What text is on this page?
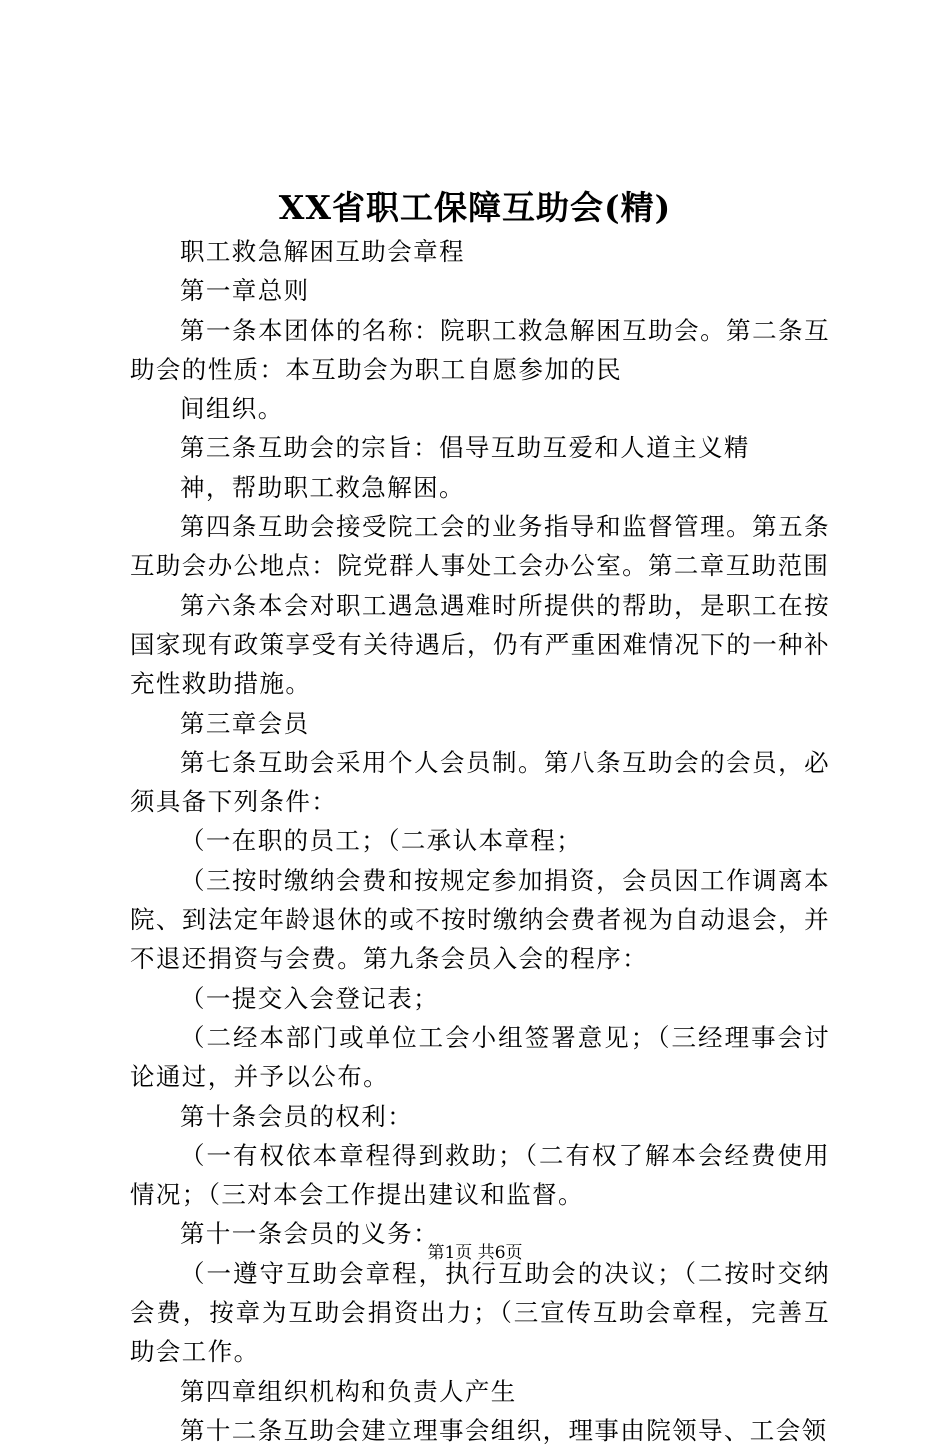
XX省职工保障互助会(精)

职工救急解困互助会章程

第一章总则

第一条本团体的名称：院职工救急解困互助会。第二条互助会的性质：本互助会为职工自愿参加的民

间组织。

第三条互助会的宗旨：倡导互助互爱和人道主义精

神，帮助职工救急解困。

第四条互助会接受院工会的业务指导和监督管理。第五条互助会办公地点：院党群人事处工会办公室。第二章互助范围

第六条本会对职工遇急遇难时所提供的帮助，是职工在按国家现有政策享受有关待遇后，仍有严重困难情况下的一种补充性救助措施。

第三章会员

第七条互助会采用个人会员制。第八条互助会的会员，必须具备下列条件：

（一在职的员工；（二承认本章程；

（三按时缴纳会费和按规定参加捐资，会员因工作调离本院、到法定年龄退休的或不按时缴纳会费者视为自动退会，并不退还捐资与会费。第九条会员入会的程序：

（一提交入会登记表；

（二经本部门或单位工会小组签署意见；（三经理事会讨论通过，并予以公布。

第十条会员的权利：

（一有权依本章程得到救助；（二有权了解本会经费使用情况；（三对本会工作提出建议和监督。

第十一条会员的义务：

（一遵守互助会章程，执行互助会的决议；（二按时交纳会费，按章为互助会捐资出力；（三宣传互助会章程，完善互助会工作。

第四章组织机构和负责人产生

第十二条互助会建立理事会组织，理事由院领导、工会领

第1页 共6页
